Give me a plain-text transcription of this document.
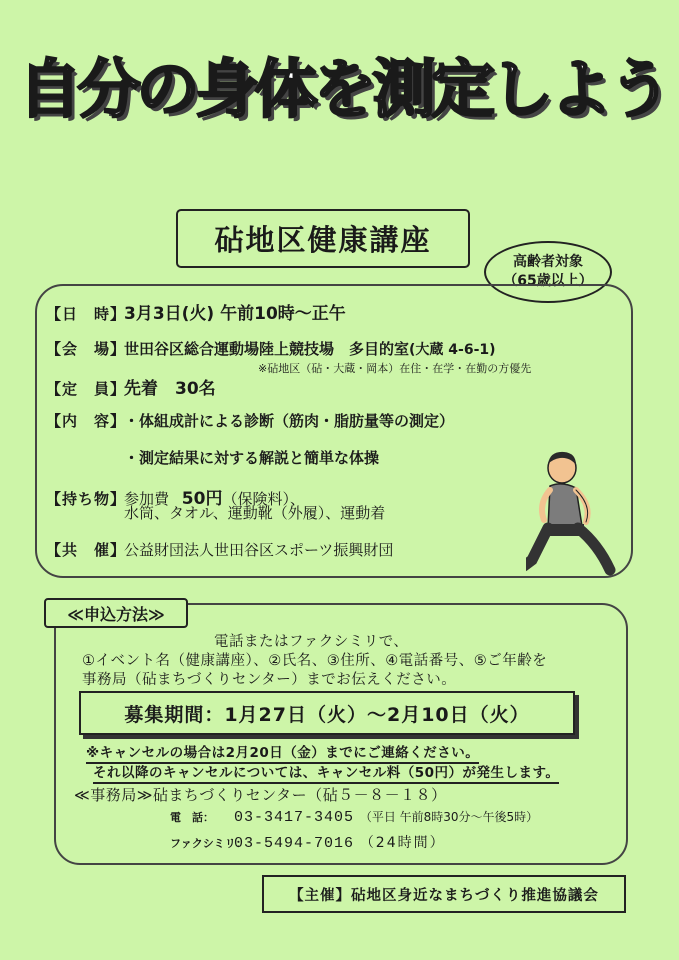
自分の身体を測定しよう
砧地区健康講座
高齢者対象
（65歳以上）
【日　時】3月3日(火) 午前10時～正午
【会　場】世田谷区総合運動場陸上競技場　多目的室(大蔵 4-6-1)
※砧地区（砧・大蔵・岡本）在住・在学・在勤の方優先
【定　員】先着　30名
【内　容】・体組成計による診断（筋肉・脂肪量等の測定）
・測定結果に対する解説と簡単な体操
【持ち物】参加費 50円（保険料）、
水筒、タオル、運動靴（外履）、運動着
【共　催】公益財団法人世田谷区スポーツ振興財団
≪申込方法≫
電話またはファクシミリで、
①イベント名（健康講座）、②氏名、③住所、④電話番号、⑤ご年齢を
事務局（砧まちづくりセンター）までお伝えください。
募集期間：1月27日（火）～2月10日（火）
※キャンセルの場合は2月20日（金）までにご連絡ください。
それ以降のキャンセルについては、キャンセル料（50円）が発生します。
≪事務局≫砧まちづくりセンター（砧５－８－１８）
電　話： 03-3417-3405 （平日 午前8時30分～午後5時）
ファクシミリ：03-5494-7016 （24時間）
【主催】砧地区身近なまちづくり推進協議会
